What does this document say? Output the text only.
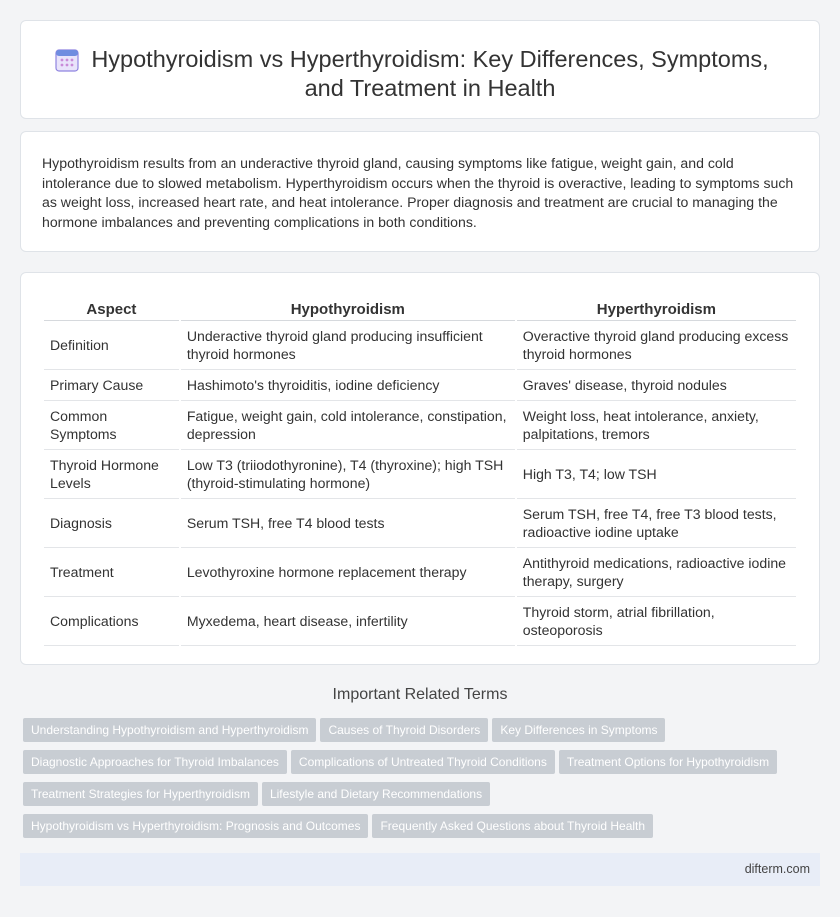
Hypothyroidism vs Hyperthyroidism: Key Differences, Symptoms, and Treatment in Health

Hypothyroidism results from an underactive thyroid gland, causing symptoms like fatigue, weight gain, and cold intolerance due to slowed metabolism. Hyperthyroidism occurs when the thyroid is overactive, leading to symptoms such as weight loss, increased heart rate, and heat intolerance. Proper diagnosis and treatment are crucial to managing the hormone imbalances and preventing complications in both conditions.

Aspect	Hypothyroidism	Hyperthyroidism
Definition	Underactive thyroid gland producing insufficient thyroid hormones	Overactive thyroid gland producing excess thyroid hormones
Primary Cause	Hashimoto's thyroiditis, iodine deficiency	Graves' disease, thyroid nodules
Common Symptoms	Fatigue, weight gain, cold intolerance, constipation, depression	Weight loss, heat intolerance, anxiety, palpitations, tremors
Thyroid Hormone Levels	Low T3 (triiodothyronine), T4 (thyroxine); high TSH (thyroid-stimulating hormone)	High T3, T4; low TSH
Diagnosis	Serum TSH, free T4 blood tests	Serum TSH, free T4, free T3 blood tests, radioactive iodine uptake
Treatment	Levothyroxine hormone replacement therapy	Antithyroid medications, radioactive iodine therapy, surgery
Complications	Myxedema, heart disease, infertility	Thyroid storm, atrial fibrillation, osteoporosis
Important Related Terms
Understanding Hypothyroidism and Hyperthyroidism Causes of Thyroid Disorders Key Differences in Symptoms
Diagnostic Approaches for Thyroid Imbalances Complications of Untreated Thyroid Conditions Treatment Options for Hypothyroidism
Treatment Strategies for Hyperthyroidism Lifestyle and Dietary Recommendations
Hypothyroidism vs Hyperthyroidism: Prognosis and Outcomes Frequently Asked Questions about Thyroid Health
difterm.com
